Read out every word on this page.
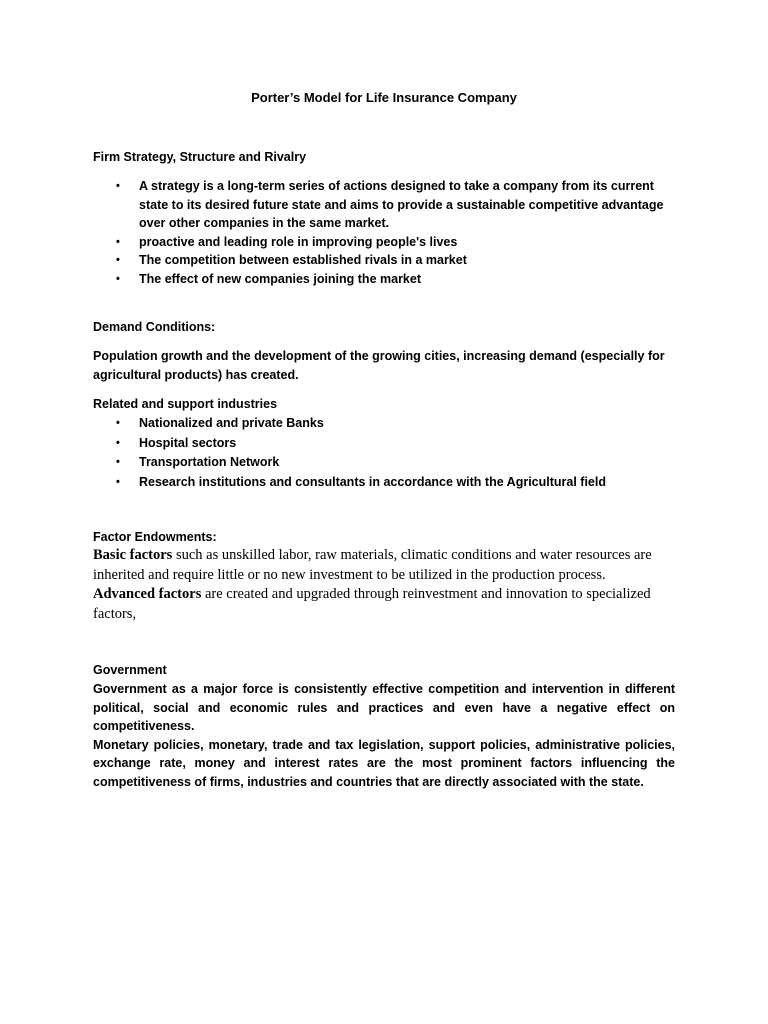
Porter’s Model for Life Insurance Company
Firm Strategy, Structure and Rivalry
• A strategy is a long-term series of actions designed to take a company from its current state to its desired future state and aims to provide a sustainable competitive advantage over other companies in the same market.
• proactive and leading role in improving people's lives
• The competition between established rivals in a market
• The effect of new companies joining the market
Demand Conditions:
Population growth and the development of the growing cities, increasing demand (especially for agricultural products) has created.
Related and support industries
• Nationalized and private Banks
• Hospital sectors
• Transportation Network
• Research institutions and consultants in accordance with the Agricultural field
Factor Endowments:
Basic factors such as unskilled labor, raw materials, climatic conditions and water resources are inherited and require little or no new investment to be utilized in the production process.
Advanced factors are created and upgraded through reinvestment and innovation to specialized factors,
Government
Government as a major force is consistently effective competition and intervention in different political, social and economic rules and practices and even have a negative effect on competitiveness.
Monetary policies, monetary, trade and tax legislation, support policies, administrative policies, exchange rate, money and interest rates are the most prominent factors influencing the competitiveness of firms, industries and countries that are directly associated with the state.
